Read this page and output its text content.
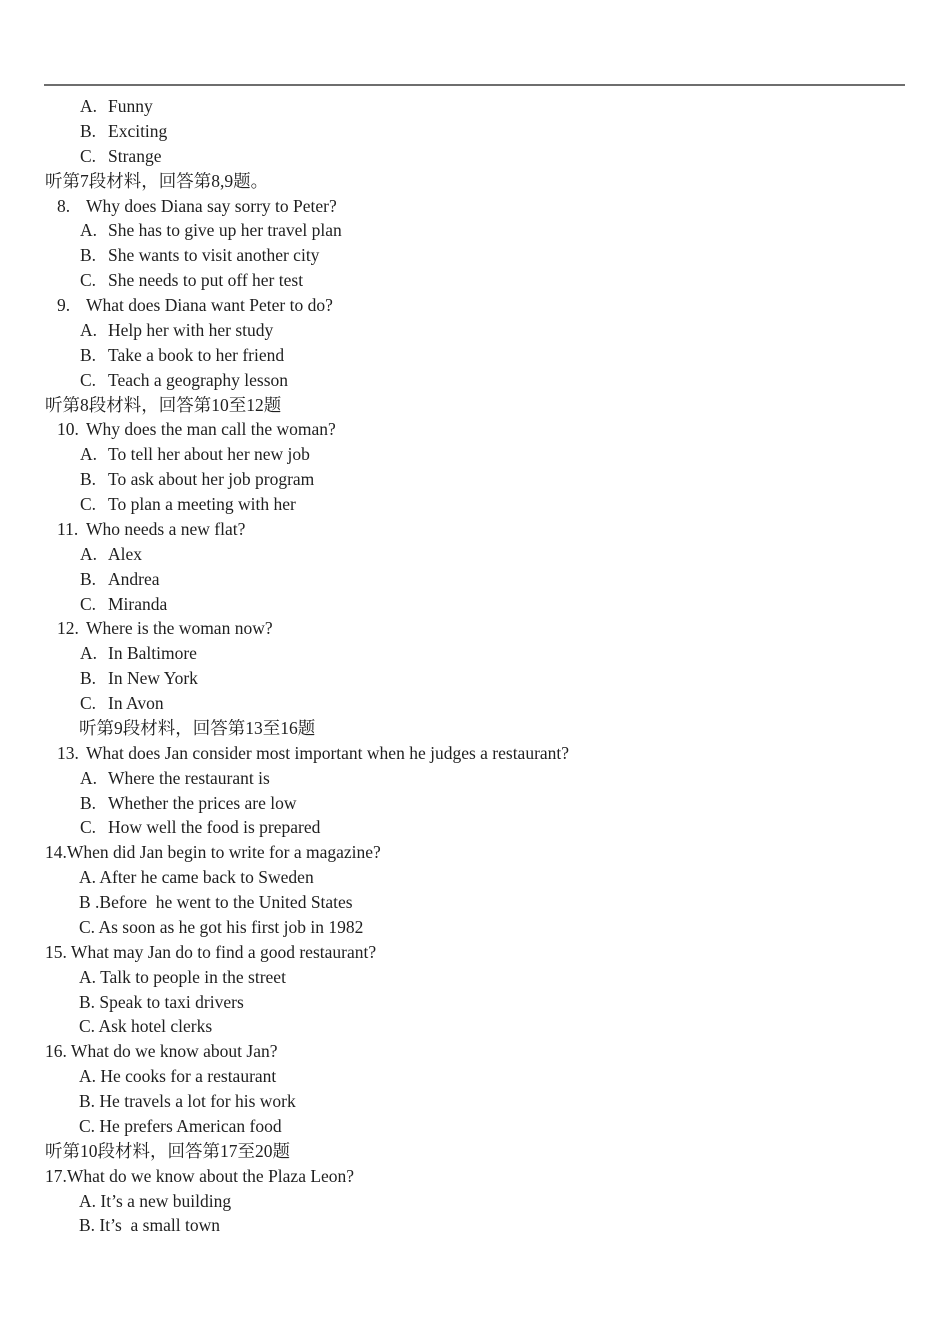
A. Funny
B. Exciting
C. Strange
听第7段材料，回答第8,9题。
8. Why does Diana say sorry to Peter?
A. She has to give up her travel plan
B. She wants to visit another city
C. She needs to put off her test
9. What does Diana want Peter to do?
A. Help her with her study
B. Take a book to her friend
C. Teach a geography lesson
听第8段材料，回答第10至12题
10. Why does the man call the woman?
A. To tell her about her new job
B. To ask about her job program
C. To plan a meeting with her
11. Who needs a new flat?
A. Alex
B. Andrea
C. Miranda
12. Where is the woman now?
A. In Baltimore
B. In New York
C. In Avon
听第9段材料，回答第13至16题
13. What does Jan consider most important when he judges a restaurant?
A. Where the restaurant is
B. Whether the prices are low
C. How well the food is prepared
14.When did Jan begin to write for a magazine?
A. After he came back to Sweden
B .Before  he went to the United States
C. As soon as he got his first job in 1982
15. What may Jan do to find a good restaurant?
A. Talk to people in the street
B. Speak to taxi drivers
C. Ask hotel clerks
16. What do we know about Jan?
A. He cooks for a restaurant
B. He travels a lot for his work
C. He prefers American food
听第10段材料，回答第17至20题
17.What do we know about the Plaza Leon?
A. It’s a new building
B. It’s  a small town
